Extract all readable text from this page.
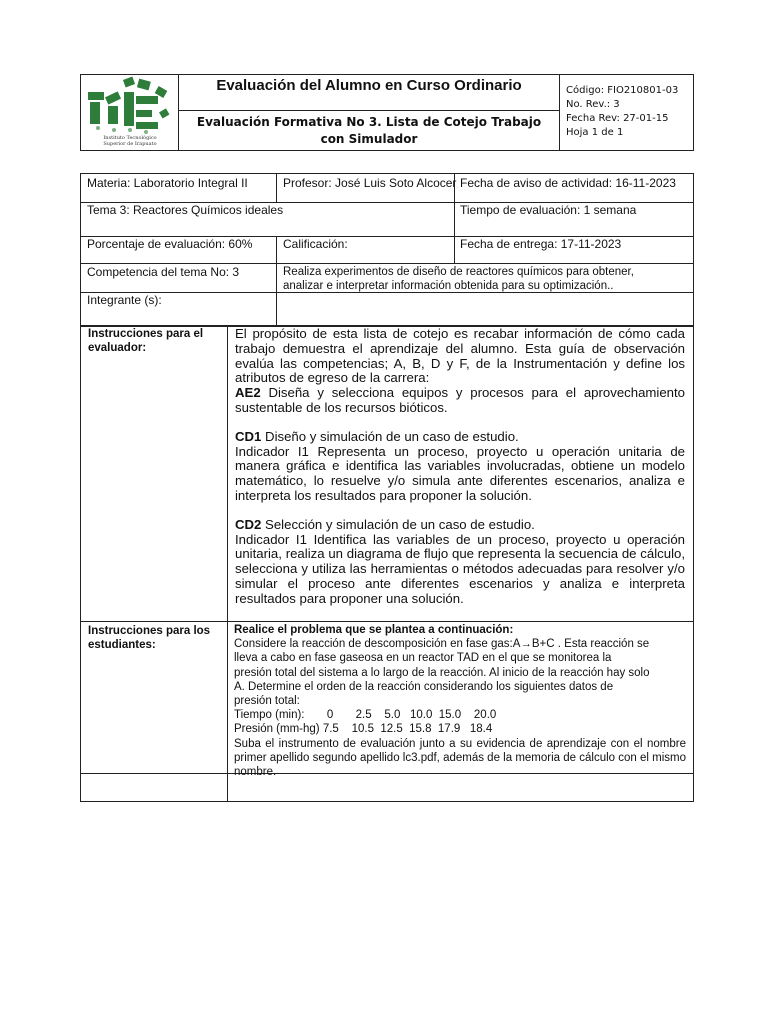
Instituto Tecnológico
Superior de Irapuato
Evaluación del Alumno en Curso Ordinario
Evaluación Formativa No 3. Lista de Cotejo Trabajo con Simulador
Código: FIO210801-03
No. Rev.: 3
Fecha Rev: 27-01-15
Hoja 1 de 1
Materia: Laboratorio Integral II	Profesor: José Luis Soto Alcocer Fecha de aviso de actividad: 16-11-2023
Tema 3: Reactores Químicos ideales	Tiempo de evaluación: 1 semana
Porcentaje de evaluación: 60%	Calificación:	Fecha de entrega: 17-11-2023
Competencia del tema No: 3	Realiza experimentos de diseño de reactores químicos para obtener, analizar e interpretar información obtenida para su optimización..
Integrante (s):
Instrucciones para el evaluador:
El propósito de esta lista de cotejo es recabar información de cómo cada trabajo demuestra el aprendizaje del alumno. Esta guía de observación evalúa las competencias; A, B, D y F, de la Instrumentación y define los atributos de egreso de la carrera:
AE2 Diseña y selecciona equipos y procesos para el aprovechamiento sustentable de los recursos bióticos.
CD1 Diseño y simulación de un caso de estudio.
Indicador I1 Representa un proceso, proyecto u operación unitaria de manera gráfica e identifica las variables involucradas, obtiene un modelo matemático, lo resuelve y/o simula ante diferentes escenarios, analiza e interpreta los resultados para proponer la solución.
CD2 Selección y simulación de un caso de estudio.
Indicador I1 Identifica las variables de un proceso, proyecto u operación unitaria, realiza un diagrama de flujo que representa la secuencia de cálculo, selecciona y utiliza las herramientas o métodos adecuadas para resolver y/o simular el proceso ante diferentes escenarios y analiza e interpreta resultados para proponer una solución.
Instrucciones para los estudiantes:
Realice el problema que se plantea a continuación:
Considere la reacción de descomposición en fase gas:A→B+C . Esta reacción se
lleva a cabo en fase gaseosa en un reactor TAD en el que se monitorea la
presión total del sistema a lo largo de la reacción. Al inicio de la reacción hay solo
A. Determine el orden de la reacción considerando los siguientes datos de
presión total:
Tiempo (min):       0       2.5    5.0   10.0  15.0    20.0
Presión (mm-hg) 7.5    10.5  12.5  15.8  17.9   18.4
Suba el instrumento de evaluación junto a su evidencia de aprendizaje con el nombre primer apellido segundo apellido lc3.pdf, además de la memoria de cálculo con el mismo nombre.
